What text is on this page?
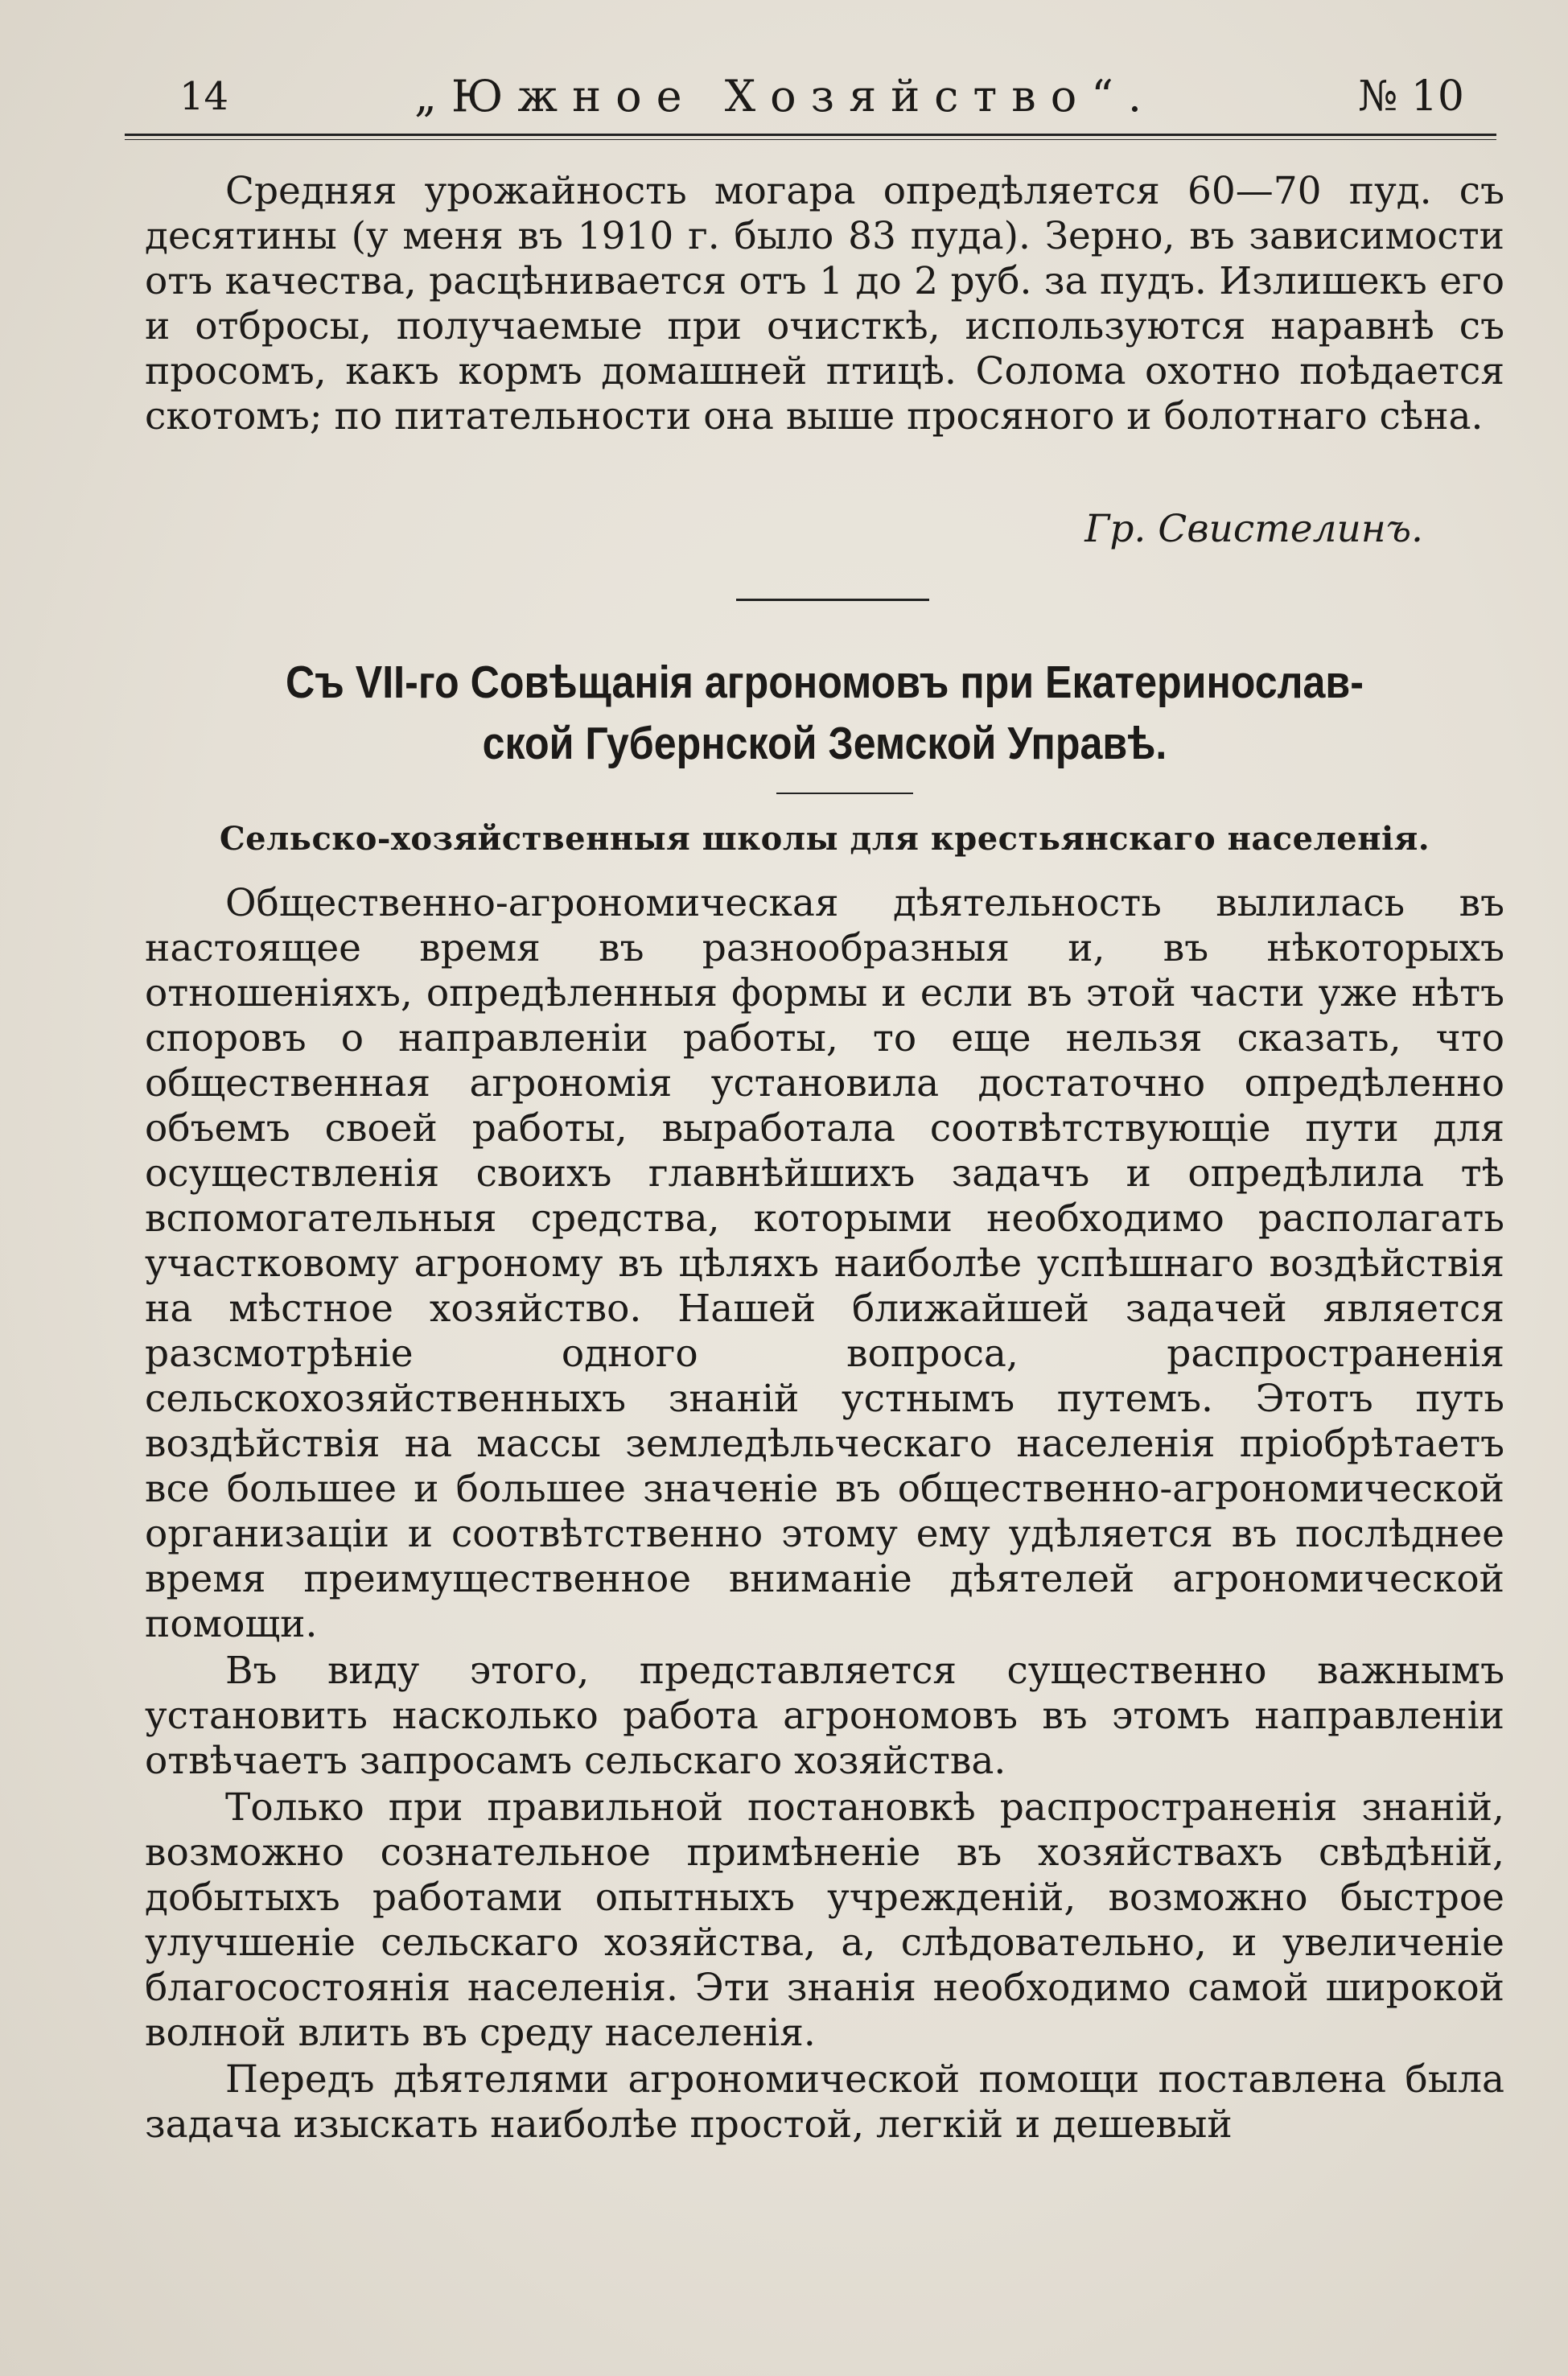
14	„Южное Хозяйство“.	№ 10

Средняя урожайность могара опредѣляется 60—70 пуд. съ десятины (у меня въ 1910 г. было 83 пуда). Зерно, въ зависимости отъ качества, расцѣнивается отъ 1 до 2 руб. за пудъ. Излишекъ его и отбросы, получаемые при очисткѣ, используются наравнѣ съ просомъ, какъ кормъ домашней птицѣ. Солома охотно поѣдается скотомъ; по питательности она выше просяного и болотнаго сѣна.

Гр. Свистелинъ.
Съ VII-го Совѣщанія агрономовъ при Екатеринослав-
ской Губернской Земской Управѣ.
Сельско-хозяйственныя школы для крестьянскаго населенія.

Общественно-агрономическая дѣятельность вылилась въ настоящее время въ разнообразныя и, въ нѣкоторыхъ отношеніяхъ, опредѣленныя формы и если въ этой части уже нѣтъ споровъ о направленіи работы, то еще нельзя сказать, что общественная агрономія установила достаточно опредѣленно объемъ своей работы, выработала соотвѣтствующіе пути для осуществленія своихъ главнѣйшихъ задачъ и опредѣлила тѣ вспомогательныя средства, которыми необходимо располагать участковому агроному въ цѣляхъ наиболѣе успѣшнаго воздѣйствія на мѣстное хозяйство. Нашей ближайшей задачей является разсмотрѣніе одного вопроса, распространенія сельскохозяйственныхъ знаній устнымъ путемъ. Этотъ путь воздѣйствія на массы земледѣльческаго населенія пріобрѣтаетъ все большее и большее значеніе въ общественно-агрономической организаціи и соотвѣтственно этому ему удѣляется въ послѣднее время преимущественное вниманіе дѣятелей агрономической помощи.

Въ виду этого, представляется существенно важнымъ установить насколько работа агрономовъ въ этомъ направленіи отвѣчаетъ запросамъ сельскаго хозяйства.

Только при правильной постановкѣ распространенія знаній, возможно сознательное примѣненіе въ хозяйствахъ свѣдѣній, добытыхъ работами опытныхъ учрежденій, возможно быстрое улучшеніе сельскаго хозяйства, а, слѣдовательно, и увеличеніе благосостоянія населенія. Эти знанія необходимо самой широкой волной влить въ среду населенія.

Передъ дѣятелями агрономической помощи поставлена была задача изыскать наиболѣе простой, легкій и дешевый
